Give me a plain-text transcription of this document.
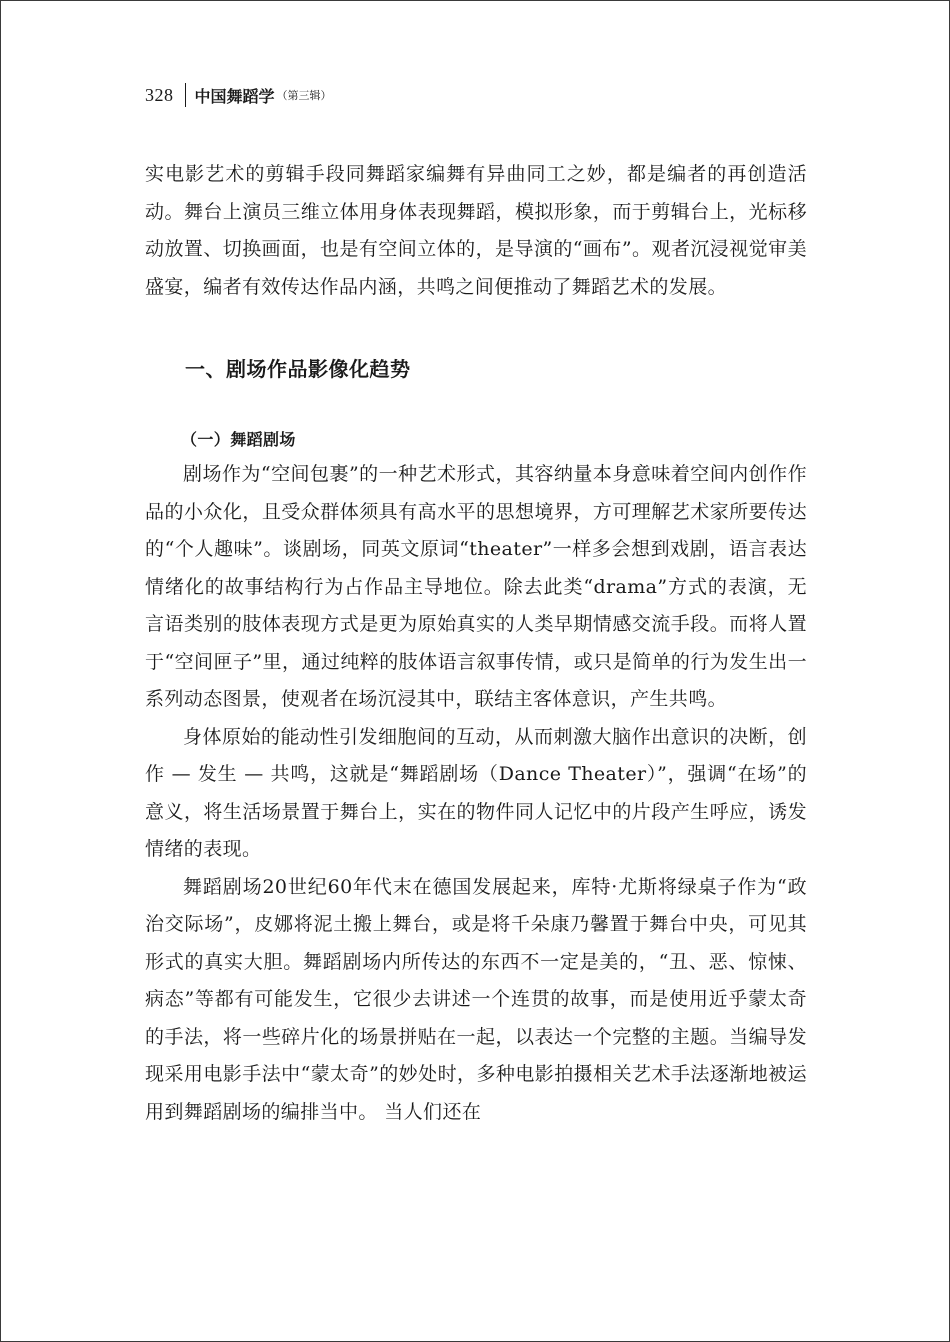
328 中国舞蹈学 （第三辑）

实电影艺术的剪辑手段同舞蹈家编舞有异曲同工之妙，都是编者的再创造活动。舞台上演员三维立体用身体表现舞蹈，模拟形象，而于剪辑台上，光标移动放置、切换画面，也是有空间立体的，是导演的“画布”。观者沉浸视觉审美盛宴，编者有效传达作品内涵，共鸣之间便推动了舞蹈艺术的发展。

一、剧场作品影像化趋势
（一）舞蹈剧场

剧场作为“空间包裹”的一种艺术形式，其容纳量本身意味着空间内创作作品的小众化，且受众群体须具有高水平的思想境界，方可理解艺术家所要传达的“个人趣味”。谈剧场，同英文原词“theater”一样多会想到戏剧，语言表达情绪化的故事结构行为占作品主导地位。除去此类“drama”方式的表演，无言语类别的肢体表现方式是更为原始真实的人类早期情感交流手段。而将人置于“空间匣子”里，通过纯粹的肢体语言叙事传情，或只是简单的行为发生出一系列动态图景，使观者在场沉浸其中，联结主客体意识，产生共鸣。

身体原始的能动性引发细胞间的互动，从而刺激大脑作出意识的决断，创作 — 发生 — 共鸣，这就是“舞蹈剧场（Dance Theater）”，强调“在场”的意义，将生活场景置于舞台上，实在的物件同人记忆中的片段产生呼应，诱发情绪的表现。

舞蹈剧场20世纪60年代末在德国发展起来，库特·尤斯将绿桌子作为“政治交际场”，皮娜将泥土搬上舞台，或是将千朵康乃馨置于舞台中央，可见其形式的真实大胆。舞蹈剧场内所传达的东西不一定是美的，“丑、恶、惊悚、病态”等都有可能发生，它很少去讲述一个连贯的故事，而是使用近乎蒙太奇的手法，将一些碎片化的场景拼贴在一起，以表达一个完整的主题。当编导发现采用电影手法中“蒙太奇”的妙处时，多种电影拍摄相关艺术手法逐渐地被运用到舞蹈剧场的编排当中。 当人们还在
